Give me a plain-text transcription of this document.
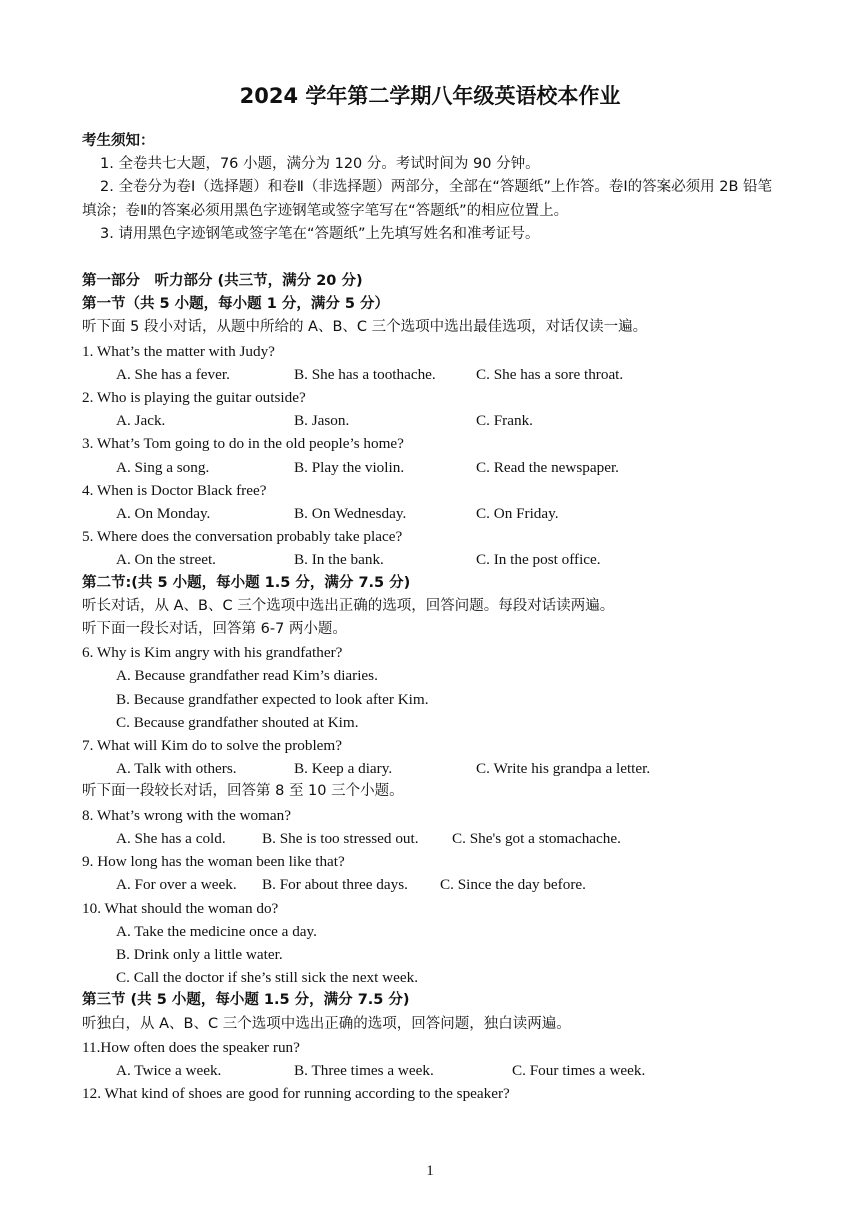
2024 学年第二学期八年级英语校本作业
考生须知：
1. 全卷共七大题，76 小题，满分为 120 分。考试时间为 90 分钟。
2. 全卷分为卷Ⅰ（选择题）和卷Ⅱ（非选择题）两部分，全部在“答题纸”上作答。卷Ⅰ的答案必须用 2B 铅笔填涂；卷Ⅱ的答案必须用黑色字迹钢笔或签字笔写在“答题纸”的相应位置上。
3. 请用黑色字迹钢笔或签字笔在“答题纸”上先填写姓名和准考证号。
第一部分　听力部分 (共三节，满分 20 分)
第一节（共 5 小题，每小题 1 分，满分 5 分）
听下面 5 段小对话，从题中所给的 A、B、C 三个选项中选出最佳选项，对话仅读一遍。
1. What’s the matter with Judy?
A. She has a fever.	B. She has a toothache.	C. She has a sore throat.
2. Who is playing the guitar outside?
A. Jack.	B. Jason.	C. Frank.
3. What’s Tom going to do in the old people’s home?
A. Sing a song.	B. Play the violin.	C. Read the newspaper.
4. When is Doctor Black free?
A. On Monday.	B. On Wednesday.	C. On Friday.
5. Where does the conversation probably take place?
A. On the street.	B. In the bank.	C. In the post office.
第二节:(共 5 小题，每小题 1.5 分，满分 7.5 分)
听长对话，从 A、B、C 三个选项中选出正确的选项，回答问题。每段对话读两遍。
听下面一段长对话，回答第 6-7 两小题。
6. Why is Kim angry with his grandfather?
A. Because grandfather read Kim’s diaries.
B. Because grandfather expected to look after Kim.
C. Because grandfather shouted at Kim.
7. What will Kim do to solve the problem?
A. Talk with others.	B. Keep a diary.	C. Write his grandpa a letter.
听下面一段较长对话，回答第 8 至 10 三个小题。
8. What’s wrong with the woman?
A. She has a cold.	B. She is too stressed out.	C. She's got a stomachache.
9. How long has the woman been like that?
A. For over a week.	B. For about three days.	C. Since the day before.
10. What should the woman do?
A. Take the medicine once a day.
B. Drink only a little water.
C. Call the doctor if she’s still sick the next week.
第三节 (共 5 小题，每小题 1.5 分，满分 7.5 分)
听独白，从 A、B、C 三个选项中选出正确的选项，回答问题，独白读两遍。
11.How often does the speaker run?
A. Twice a week.	B. Three times a week.	C. Four times a week.
12. What kind of shoes are good for running according to the speaker?
1
